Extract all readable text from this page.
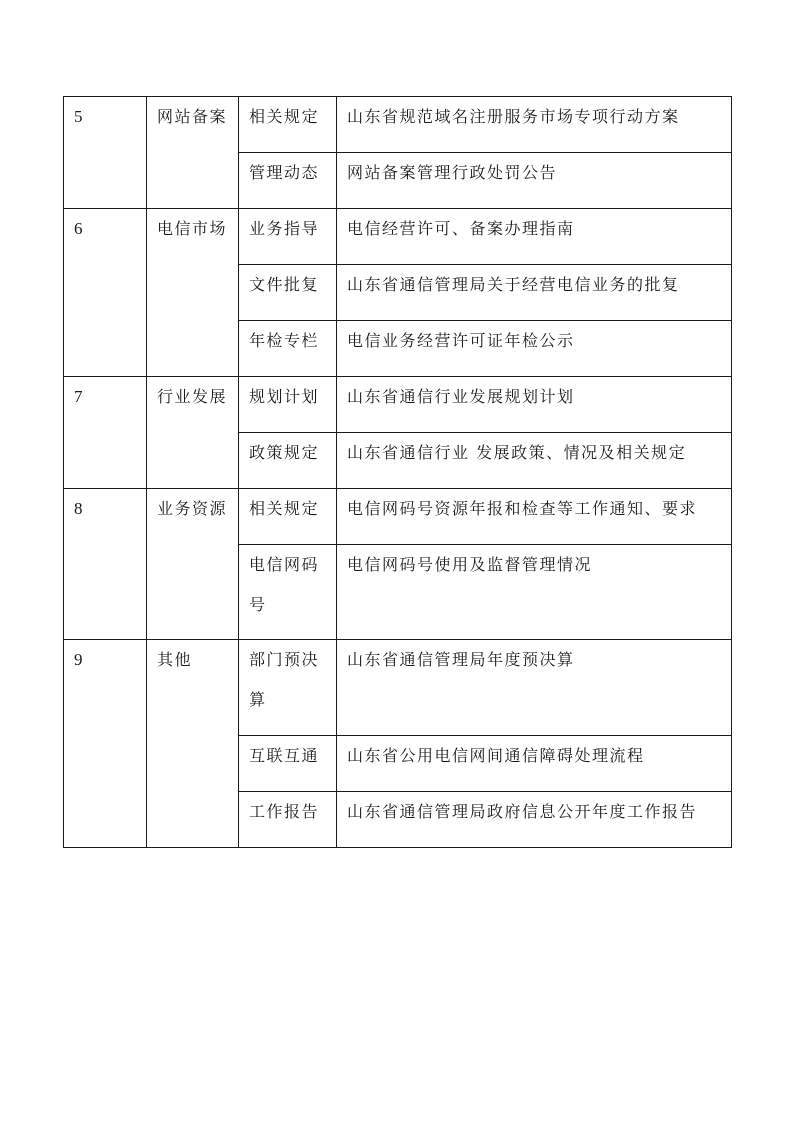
5	网站备案	相关规定	山东省规范域名注册服务市场专项行动方案

		管理动态	网站备案管理行政处罚公告

6	电信市场	业务指导	电信经营许可、备案办理指南

		文件批复	山东省通信管理局关于经营电信业务的批复

		年检专栏	电信业务经营许可证年检公示

7	行业发展	规划计划	山东省通信行业发展规划计划

		政策规定	山东省通信行业 发展政策、情况及相关规定

8	业务资源	相关规定	电信网码号资源年报和检查等工作通知、要求

		电信网码号	电信网码号使用及监督管理情况

9	其他	部门预决算	山东省通信管理局年度预决算

		互联互通	山东省公用电信网间通信障碍处理流程

		工作报告	山东省通信管理局政府信息公开年度工作报告
